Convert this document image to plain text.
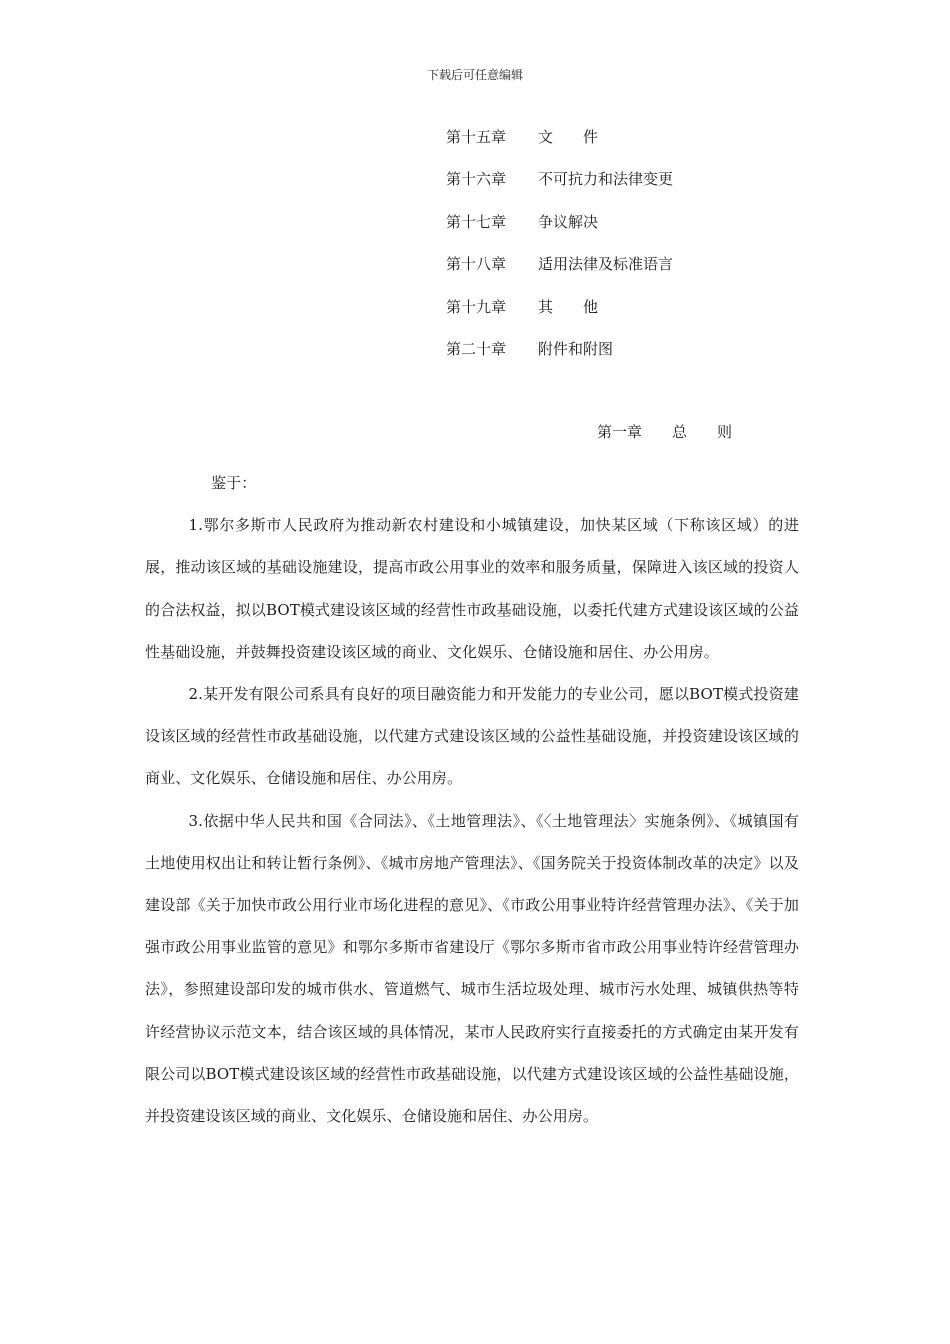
下载后可任意编辑
第十五章 文　　件
第十六章 不可抗力和法律变更
第十七章 争议解决
第十八章 适用法律及标准语言
第十九章 其　　他
第二十章 附件和附图
第一章　　总　　则

鉴于：

1.鄂尔多斯市人民政府为推动新农村建设和小城镇建设，加快某区域（下称该区域）的进展，推动该区域的基础设施建设，提高市政公用事业的效率和服务质量，保障进入该区域的投资人的合法权益，拟以BOT模式建设该区域的经营性市政基础设施，以委托代建方式建设该区域的公益性基础设施，并鼓舞投资建设该区域的商业、文化娱乐、仓储设施和居住、办公用房。

2.某开发有限公司系具有良好的项目融资能力和开发能力的专业公司，愿以BOT模式投资建设该区域的经营性市政基础设施，以代建方式建设该区域的公益性基础设施，并投资建设该区域的商业、文化娱乐、仓储设施和居住、办公用房。

3.依据中华人民共和国《合同法》、《土地管理法》、《〈土地管理法〉实施条例》、《城镇国有土地使用权出让和转让暂行条例》、《城市房地产管理法》、《国务院关于投资体制改革的决定》以及建设部《关于加快市政公用行业市场化进程的意见》、《市政公用事业特许经营管理办法》、《关于加强市政公用事业监管的意见》和鄂尔多斯市省建设厅《鄂尔多斯市省市政公用事业特许经营管理办法》，参照建设部印发的城市供水、管道燃气、城市生活垃圾处理、城市污水处理、城镇供热等特许经营协议示范文本，结合该区域的具体情况，某市人民政府实行直接委托的方式确定由某开发有限公司以BOT模式建设该区域的经营性市政基础设施，以代建方式建设该区域的公益性基础设施，并投资建设该区域的商业、文化娱乐、仓储设施和居住、办公用房。
